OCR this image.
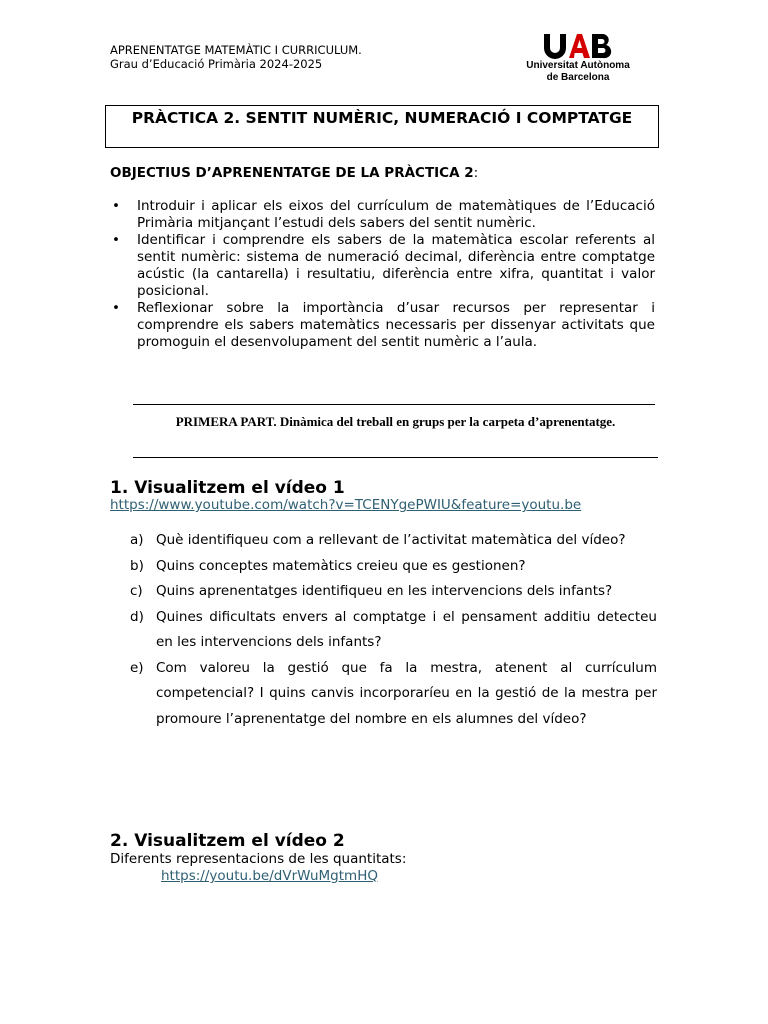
APRENENTATGE MATEMÀTIC I CURRICULUM.
Grau d’Educació Primària 2024-2025	Universitat Autònoma
de Barcelona
PRÀCTICA 2. SENTIT NUMÈRIC, NUMERACIÓ I COMPTATGE
OBJECTIUS D’APRENENTATGE DE LA PRÀCTICA 2:
• Introduir i aplicar els eixos del currículum de matemàtiques de l’Educació Primària mitjançant l’estudi dels sabers del sentit numèric.
• Identificar i comprendre els sabers de la matemàtica escolar referents al sentit numèric: sistema de numeració decimal, diferència entre comptatge acústic (la cantarella) i resultatiu, diferència entre xifra, quantitat i valor posicional.
• Reflexionar sobre la importància d’usar recursos per representar i comprendre els sabers matemàtics necessaris per dissenyar activitats que promoguin el desenvolupament del sentit numèric a l’aula.
PRIMERA PART. Dinàmica del treball en grups per la carpeta d’aprenentatge.
1. Visualitzem el vídeo 1
https://www.youtube.com/watch?v=TCENYgePWIU&feature=youtu.be
a) Què identifiqueu com a rellevant de l’activitat matemàtica del vídeo?
b) Quins conceptes matemàtics creieu que es gestionen?
c) Quins aprenentatges identifiqueu en les intervencions dels infants?
d) Quines dificultats envers al comptatge i el pensament additiu detecteu en les intervencions dels infants?
e) Com valoreu la gestió que fa la mestra, atenent al currículum competencial? I quins canvis incorporaríeu en la gestió de la mestra per promoure l’aprenentatge del nombre en els alumnes del vídeo?
2. Visualitzem el vídeo 2
Diferents representacions de les quantitats:
https://youtu.be/dVrWuMgtmHQ
